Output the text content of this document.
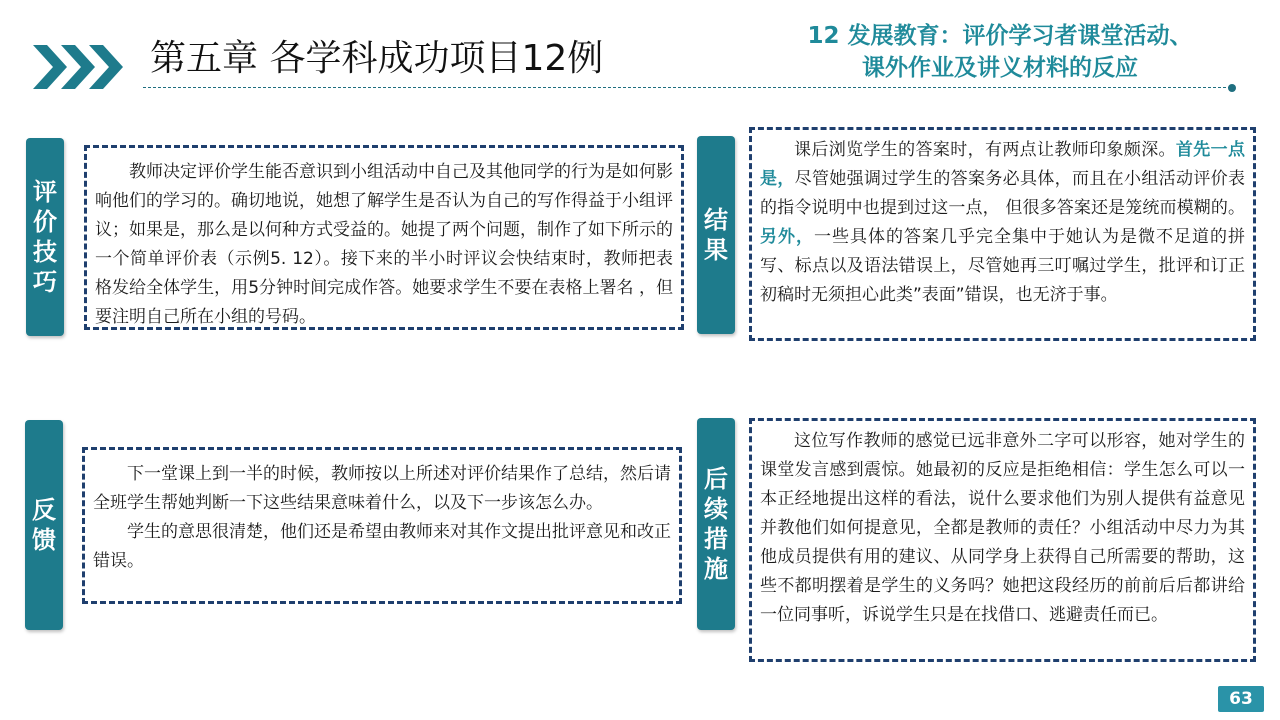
第五章 各学科成功项目12例
12 发展教育：评价学习者课堂活动、
课外作业及讲义材料的反应
评价技巧

教师决定评价学生能否意识到小组活动中自己及其他同学的行为是如何影响他们的学习的。确切地说，她想了解学生是否认为自己的写作得益于小组评议；如果是，那么是以何种方式受益的。她提了两个问题，制作了如下所示的一个简单评价表（示例5. 12）。接下来的半小时评议会快结束时，教师把表格发给全体学生，用5分钟时间完成作答。她要求学生不要在表格上署名 ，但要注明自己所在小组的号码。

结果

课后浏览学生的答案时，有两点让教师印象颇深。首先一点是，尽管她强调过学生的答案务必具体，而且在小组活动评价表的指令说明中也提到过这一点， 但很多答案还是笼统而模糊的。另外，一些具体的答案几乎完全集中于她认为是微不足道的拼写、标点以及语法错误上，尽管她再三叮嘱过学生，批评和订正初稿时无须担心此类”表面”错误，也无济于事。

反馈

下一堂课上到一半的时候，教师按以上所述对评价结果作了总结，然后请全班学生帮她判断一下这些结果意味着什么，以及下一步该怎么办。

学生的意思很清楚，他们还是希望由教师来对其作文提出批评意见和改正错误。

后续措施

这位写作教师的感觉已远非意外二字可以形容，她对学生的课堂发言感到震惊。她最初的反应是拒绝相信：学生怎么可以一本正经地提出这样的看法，说什么要求他们为别人提供有益意见并教他们如何提意见，全都是教师的责任？小组活动中尽力为其他成员提供有用的建议、从同学身上获得自己所需要的帮助，这些不都明摆着是学生的义务吗？她把这段经历的前前后后都讲给一位同事听，诉说学生只是在找借口、逃避责任而已。

63
